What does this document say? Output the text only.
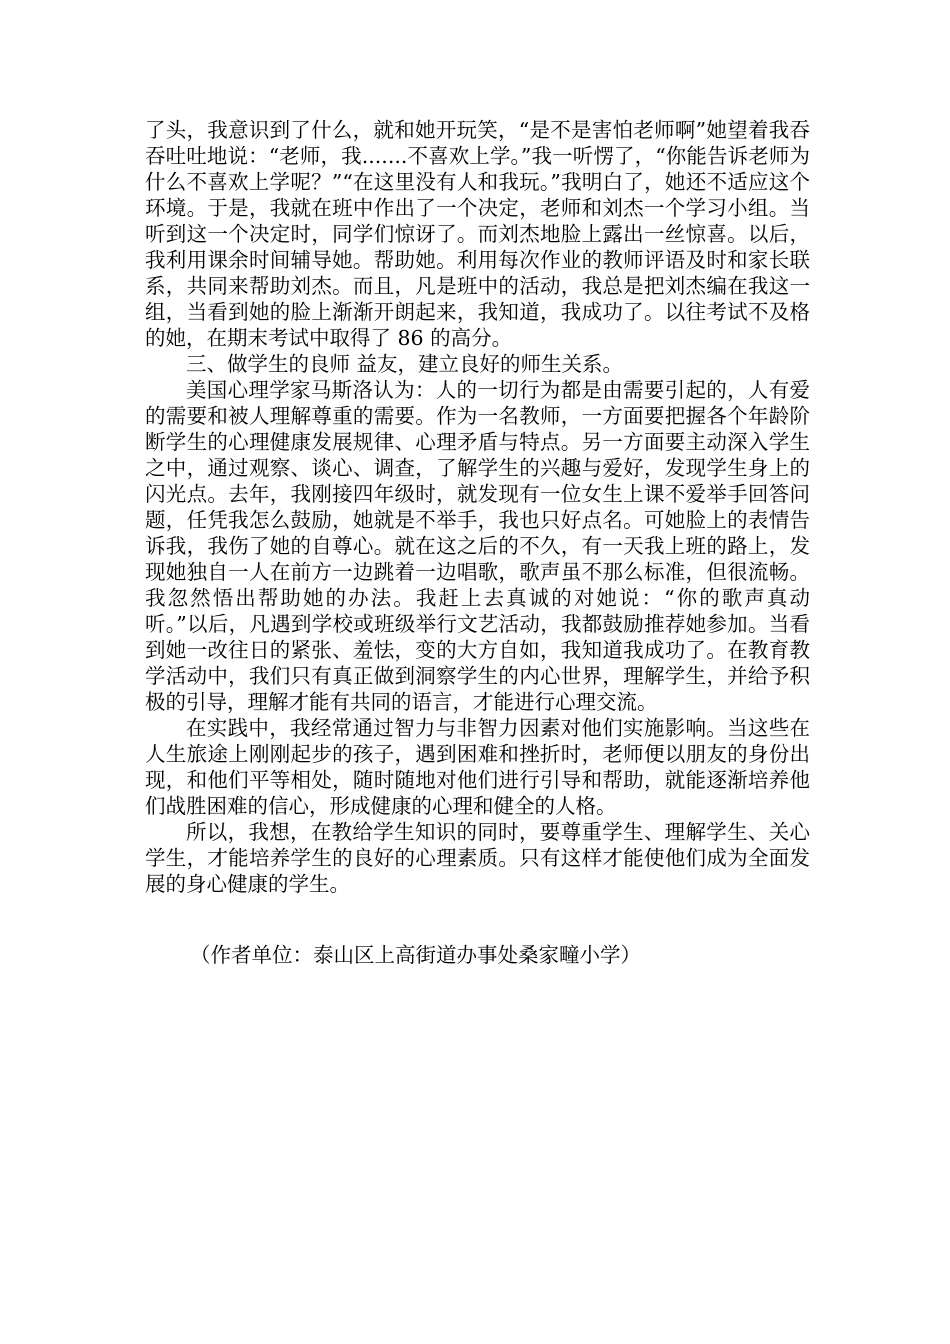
了头，我意识到了什么，就和她开玩笑，“是不是害怕老师啊”她望着我吞吞吐吐地说：“老师，我.......不喜欢上学。”我一听愣了，“你能告诉老师为什么不喜欢上学呢？”“在这里没有人和我玩。”我明白了，她还不适应这个环境。于是，我就在班中作出了一个决定，老师和刘杰一个学习小组。当听到这一个决定时，同学们惊讶了。而刘杰地脸上露出一丝惊喜。以后，我利用课余时间辅导她。帮助她。利用每次作业的教师评语及时和家长联系，共同来帮助刘杰。而且，凡是班中的活动，我总是把刘杰编在我这一组，当看到她的脸上渐渐开朗起来，我知道，我成功了。以往考试不及格的她，在期末考试中取得了 86 的高分。

三、做学生的良师 益友，建立良好的师生关系。

美国心理学家马斯洛认为：人的一切行为都是由需要引起的，人有爱的需要和被人理解尊重的需要。作为一名教师，一方面要把握各个年龄阶断学生的心理健康发展规律、心理矛盾与特点。另一方面要主动深入学生之中，通过观察、谈心、调查，了解学生的兴趣与爱好，发现学生身上的闪光点。去年，我刚接四年级时，就发现有一位女生上课不爱举手回答问题，任凭我怎么鼓励，她就是不举手，我也只好点名。可她脸上的表情告诉我，我伤了她的自尊心。就在这之后的不久，有一天我上班的路上，发现她独自一人在前方一边跳着一边唱歌，歌声虽不那么标准，但很流畅。我忽然悟出帮助她的办法。我赶上去真诚的对她说：“你的歌声真动听。”以后，凡遇到学校或班级举行文艺活动，我都鼓励推荐她参加。当看到她一改往日的紧张、羞怯，变的大方自如，我知道我成功了。在教育教学活动中，我们只有真正做到洞察学生的内心世界，理解学生，并给予积极的引导，理解才能有共同的语言，才能进行心理交流。

在实践中，我经常通过智力与非智力因素对他们实施影响。当这些在人生旅途上刚刚起步的孩子，遇到困难和挫折时，老师便以朋友的身份出现，和他们平等相处，随时随地对他们进行引导和帮助，就能逐渐培养他们战胜困难的信心，形成健康的心理和健全的人格。

所以，我想，在教给学生知识的同时，要尊重学生、理解学生、关心学生，才能培养学生的良好的心理素质。只有这样才能使他们成为全面发展的身心健康的学生。

（作者单位：泰山区上高街道办事处桑家疃小学）
